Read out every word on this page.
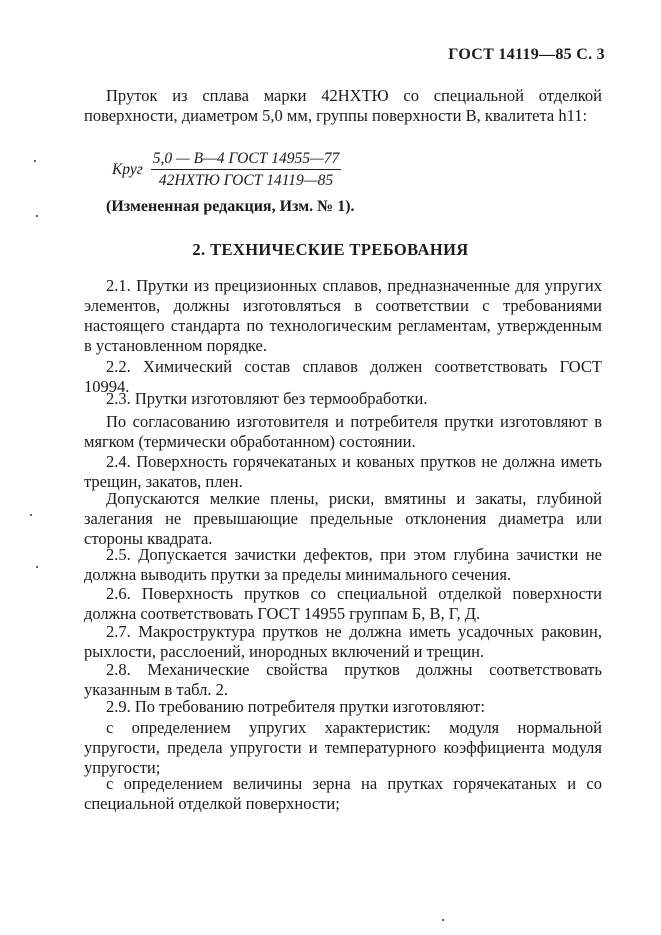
ГОСТ 14119—85 С. 3

Пруток из сплава марки 42НХТЮ со специальной отделкой поверхности, диаметром 5,0 мм, группы поверхности В, квалитета h11:

Круг $\frac{\text{5,0 — В—4 ГОСТ 14955—77}}{\text{42НХТЮ ГОСТ 14119—85}}$
(Измененная редакция, Изм. № 1).
2. ТЕХНИЧЕСКИЕ ТРЕБОВАНИЯ

2.1. Прутки из прецизионных сплавов, предназначенные для упругих элементов, должны изготовляться в соответствии с требованиями настоящего стандарта по технологическим регламентам, утвержденным в установленном порядке.

2.2. Химический состав сплавов должен соответствовать ГОСТ 10994.

2.3. Прутки изготовляют без термообработки.

По согласованию изготовителя и потребителя прутки изготовляют в мягком (термически обработанном) состоянии.

2.4. Поверхность горячекатаных и кованых прутков не должна иметь трещин, закатов, плен.

Допускаются мелкие плены, риски, вмятины и закаты, глубиной залегания не превышающие предельные отклонения диаметра или стороны квадрата.

2.5. Допускается зачистки дефектов, при этом глубина зачистки не должна выводить прутки за пределы минимального сечения.

2.6. Поверхность прутков со специальной отделкой поверхности должна соответствовать ГОСТ 14955 группам Б, В, Г, Д.

2.7. Макроструктура прутков не должна иметь усадочных раковин, рыхлости, расслоений, инородных включений и трещин.

2.8. Механические свойства прутков должны соответствовать указанным в табл. 2.

2.9. По требованию потребителя прутки изготовляют:

с определением упругих характеристик: модуля нормальной упругости, предела упругости и температурного коэффициента модуля упругости;

с определением величины зерна на прутках горячекатаных и со специальной отделкой поверхности;
